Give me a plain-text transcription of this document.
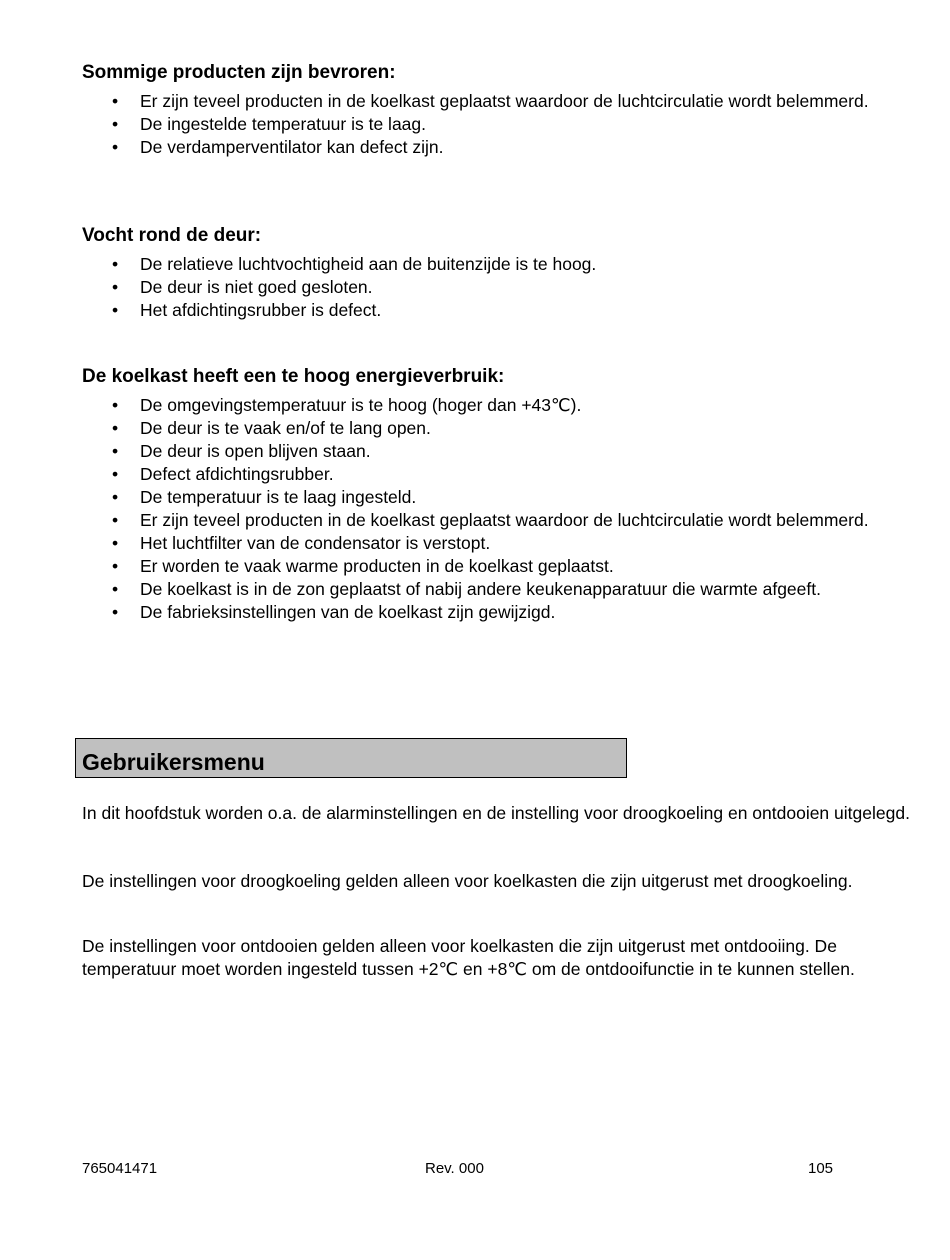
Sommige producten zijn bevroren:
• Er zijn teveel producten in de koelkast geplaatst waardoor de luchtcirculatie wordt belemmerd.
• De ingestelde temperatuur is te laag.
• De verdamperventilator kan defect zijn.
Vocht rond de deur:
• De relatieve luchtvochtigheid aan de buitenzijde is te hoog.
• De deur is niet goed gesloten.
• Het afdichtingsrubber is defect.
De koelkast heeft een te hoog energieverbruik:
• De omgevingstemperatuur is te hoog (hoger dan +43℃).
• De deur is te vaak en/of te lang open.
• De deur is open blijven staan.
• Defect afdichtingsrubber.
• De temperatuur is te laag ingesteld.
• Er zijn teveel producten in de koelkast geplaatst waardoor de luchtcirculatie wordt belemmerd.
• Het luchtfilter van de condensator is verstopt.
• Er worden te vaak warme producten in de koelkast geplaatst.
• De koelkast is in de zon geplaatst of nabij andere keukenapparatuur die warmte afgeeft.
• De fabrieksinstellingen van de koelkast zijn gewijzigd.
Gebruikersmenu

In dit hoofdstuk worden o.a. de alarminstellingen en de instelling voor droogkoeling en ontdooien uitgelegd.

De instellingen voor droogkoeling gelden alleen voor koelkasten die zijn uitgerust met droogkoeling.

De instellingen voor ontdooien gelden alleen voor koelkasten die zijn uitgerust met ontdooiing. De temperatuur moet worden ingesteld tussen +2℃ en +8℃ om de ontdooifunctie in te kunnen stellen.

765041471	Rev. 000	105
